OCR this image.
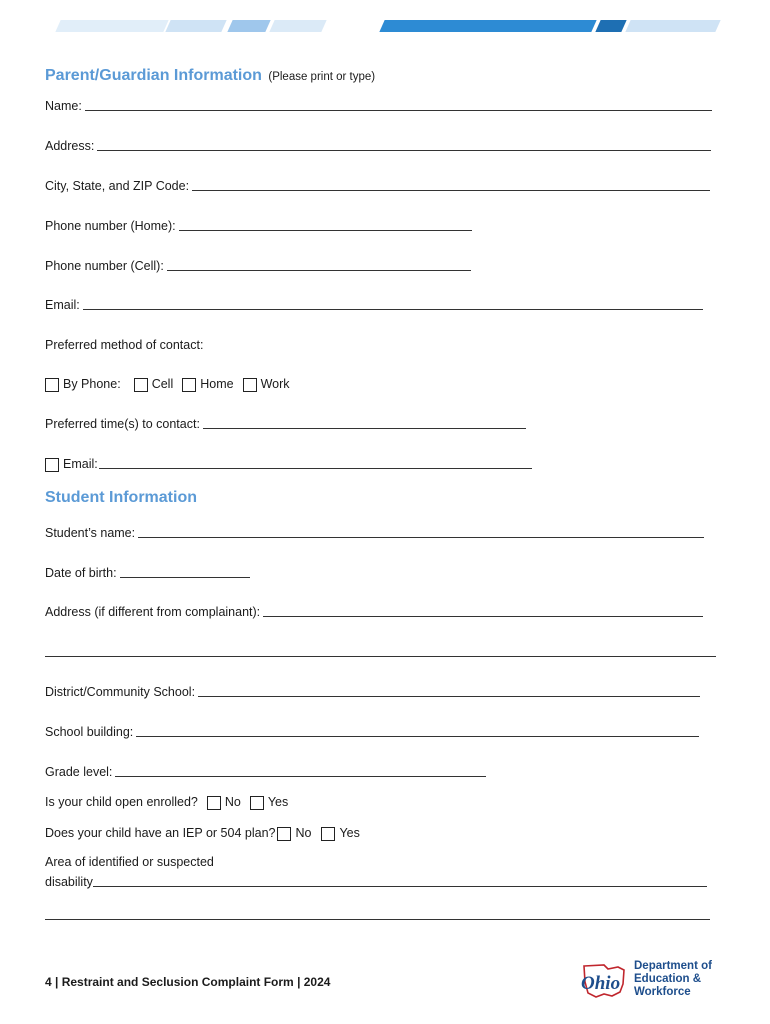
Parent/Guardian Information (Please print or type)
Name:
Address:
City, State, and ZIP Code:
Phone number (Home):
Phone number (Cell):
Email:
Preferred method of contact:
By Phone: Cell Home Work
Preferred time(s) to contact:
Email:
Student Information
Student’s name:
Date of birth:
Address (if different from complainant):
District/Community School:
School building:
Grade level:
Is your child open enrolled? No Yes
Does your child have an IEP or 504 plan? No Yes
Area of identified or suspected
disability
4 | Restraint and Seclusion Complaint Form | 2024	Ohio
Department of
Education &
Workforce
